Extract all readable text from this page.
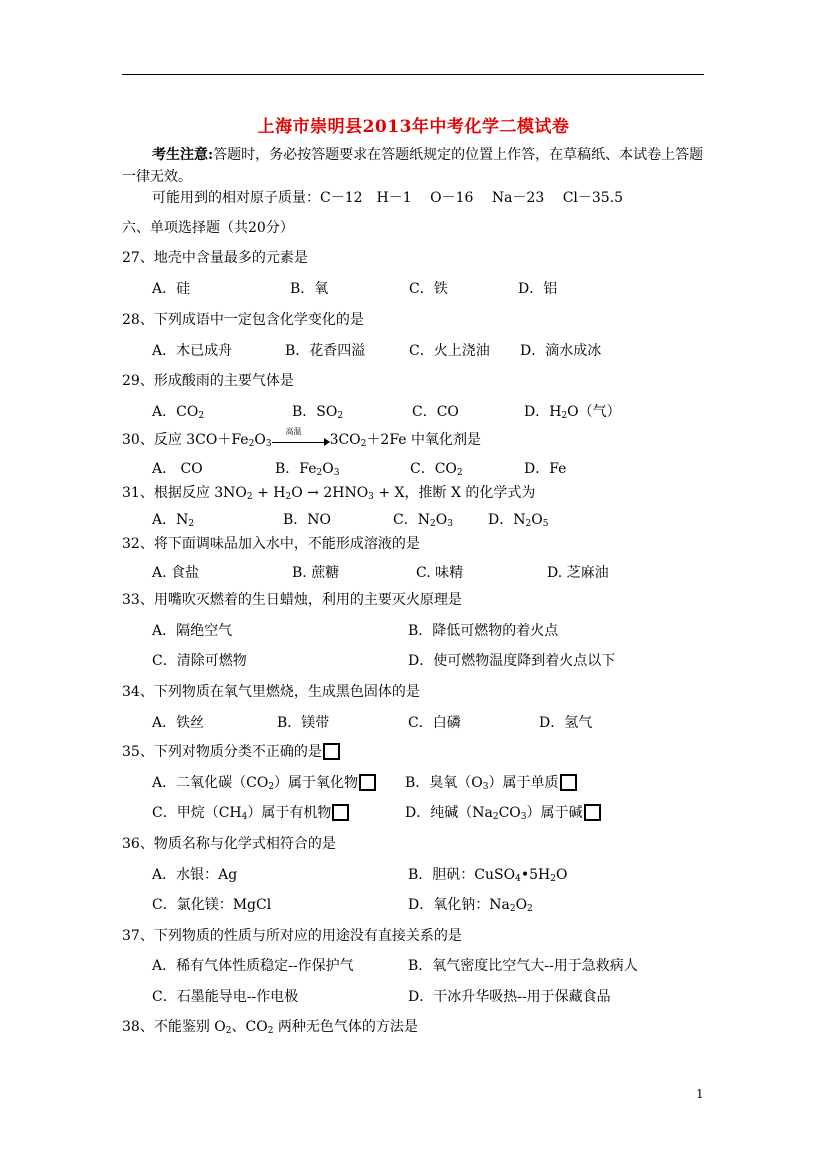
上海市崇明县2013年中考化学二模试卷
考生注意:答题时，务必按答题要求在答题纸规定的位置上作答，在草稿纸、本试卷上答题一律无效。
可能用到的相对原子质量：C－12　H－1　 O－16　 Na－23　 Cl－35.5
六、单项选择题（共20分）
27、地壳中含量最多的元素是
A．硅	B．氧	C．铁	D．铝
28、下列成语中一定包含化学变化的是
A．木已成舟	B．花香四溢	C．火上浇油 D．滴水成冰
29、形成酸雨的主要气体是
A．$CO_2$	B．$SO_2$	C．CO	D．$H_2O$（气）
30、反应 $3CO+Fe_2O_3$
高温
$3CO_2+2Fe$ 中氧化剂是
A． CO	B．$Fe_2O_3$	C．$CO_2$	D．Fe
31、根据反应 $3NO_2 + H_2O \to 2HNO_3 + X$，推断 X 的化学式为
A．$N_2$	B．NO	C．$N_2O_3$	D．$N_2O_5$
32、将下面调味品加入水中，不能形成溶液的是
A. 食盐	B. 蔗糖	C. 味精	D. 芝麻油
33、用嘴吹灭燃着的生日蜡烛，利用的主要灭火原理是
A．隔绝空气	B．降低可燃物的着火点
C．清除可燃物	D．使可燃物温度降到着火点以下
34、下列物质在氧气里燃烧，生成黑色固体的是
A．铁丝	B．镁带	C．白磷	D．氢气
35、下列对物质分类不正确的是
A．二氧化碳$(CO_2)$属于氧化物	B．臭氧$(O_3)$属于单质
C．甲烷$(CH_4)$属于有机物	D．纯碱$(Na_2CO_3)$属于碱
36、物质名称与化学式相符合的是
A．水银：Ag	B．胆矾：$CuSO_4•5H_2O$
C．氯化镁：MgCl	D．氧化钠：$Na_2O_2$
37、下列物质的性质与所对应的用途没有直接关系的是
A．稀有气体性质稳定--作保护气	B．氧气密度比空气大--用于急救病人
C．石墨能导电--作电极	D．干冰升华吸热--用于保藏食品
38、不能鉴别 $O_2$、$CO_2$ 两种无色气体的方法是
1
